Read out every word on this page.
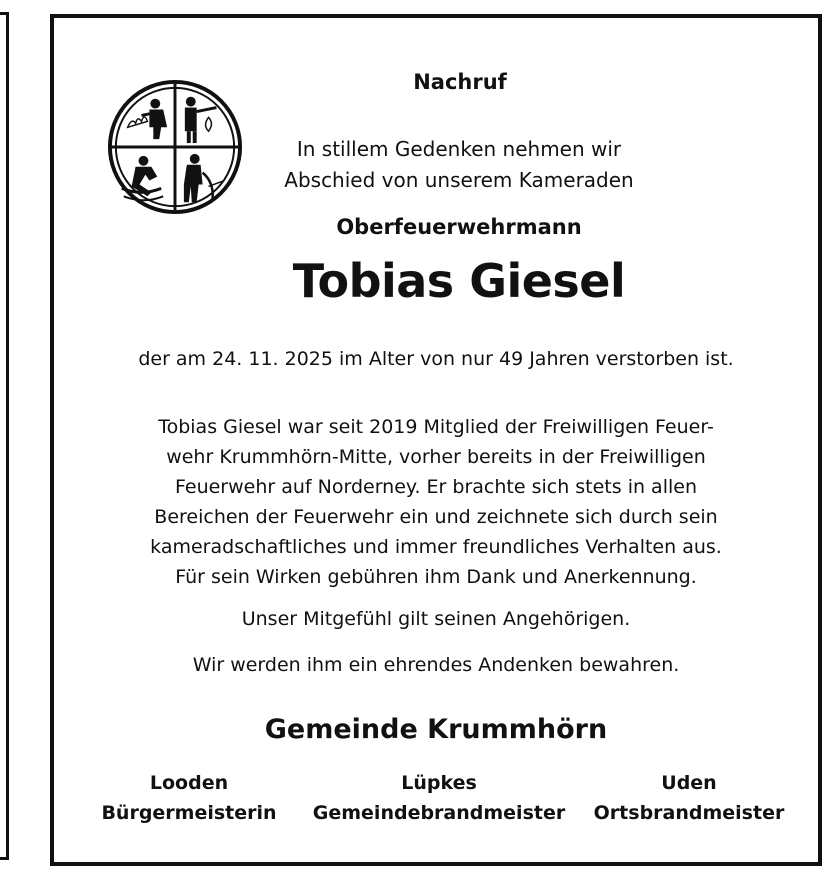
Nachruf

In stillem Gedenken nehmen wir
Abschied von unserem Kameraden

Oberfeuerwehrmann

Tobias Giesel

der am 24. 11. 2025 im Alter von nur 49 Jahren verstorben ist.

Tobias Giesel war seit 2019 Mitglied der Freiwilligen Feuer-
wehr Krummhörn-Mitte, vorher bereits in der Freiwilligen
Feuerwehr auf Norderney. Er brachte sich stets in allen
Bereichen der Feuerwehr ein und zeichnete sich durch sein
kameradschaftliches und immer freundliches Verhalten aus.
Für sein Wirken gebühren ihm Dank und Anerkennung.

Unser Mitgefühl gilt seinen Angehörigen.

Wir werden ihm ein ehrendes Andenken bewahren.

Gemeinde Krummhörn

Looden
Bürgermeisterin
Lüpkes
Gemeindebrandmeister
Uden
Ortsbrandmeister
